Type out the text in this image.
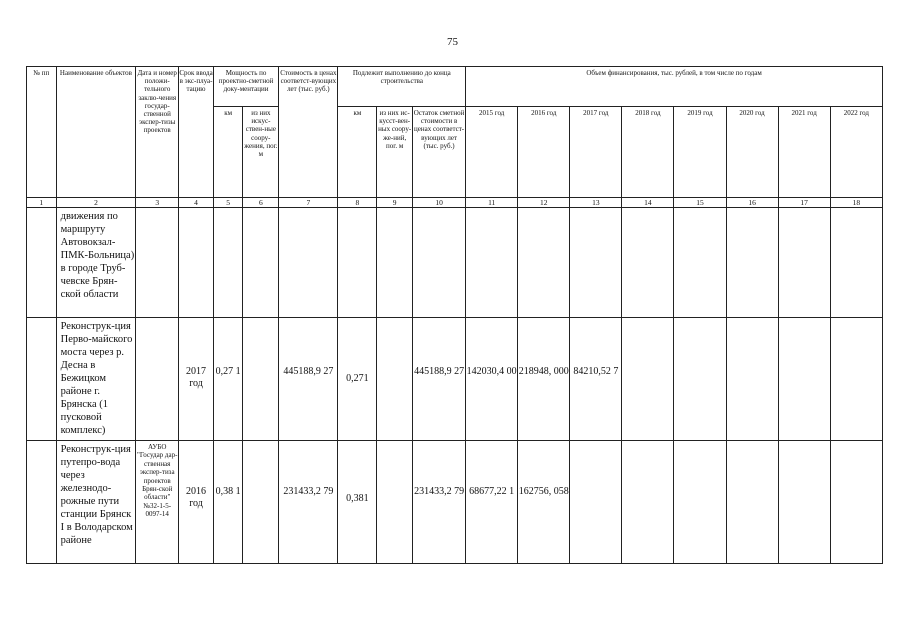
75
№ пп	Наименование объектов	Дата и номер положи-тельного заклю-чения государ-ственной экспер-тизы проектов	Срок ввода в экс-плуа-тацию	Мощность по проектно-сметной доку-ментации		Стоимость в ценах соответст-вующих лет (тыс. руб.)	Подлежит выполнению до конца строительства			Объем финансирования, тыс. рублей, в том числе по годам							
				км	из них искус-ствен-ные соору-жения, пог. м		км	из них ис-кусст-вен-ных соору-же-ний, пог. м	Остаток сметной стоимости в ценах соответст-вующих лет (тыс. руб.)	2015 год	2016 год	2017 год	2018 год	2019 год	2020 год	2021 год	2022 год
1	2	3	4	5	6	7	8	9	10	11	12	13	14	15	16	17	18
	движения по маршруту Автовокзал-ПМК-Больница) в городе Труб-чевске Брян-ской области																
	Реконструк-ция Перво-майского моста через р. Десна в Бежицком районе г. Брянска (1 пусковой комплекс)		2017 год	0,27 1		445188,9 27	0,271		445188,9 27	142030,4 00	218948, 000	84210,52 7					
	Реконструк-ция путепро-вода через железнодо-рожные пути станции Брянск I в Володарском районе	АУБО "Государ дар-ственная экспер-тиза проектов Брян-ской области" №32-1-5-0097-14	2016 год	0,38 1		231433,2 79	0,381		231433,2 79	68677,22 1	162756, 058						
